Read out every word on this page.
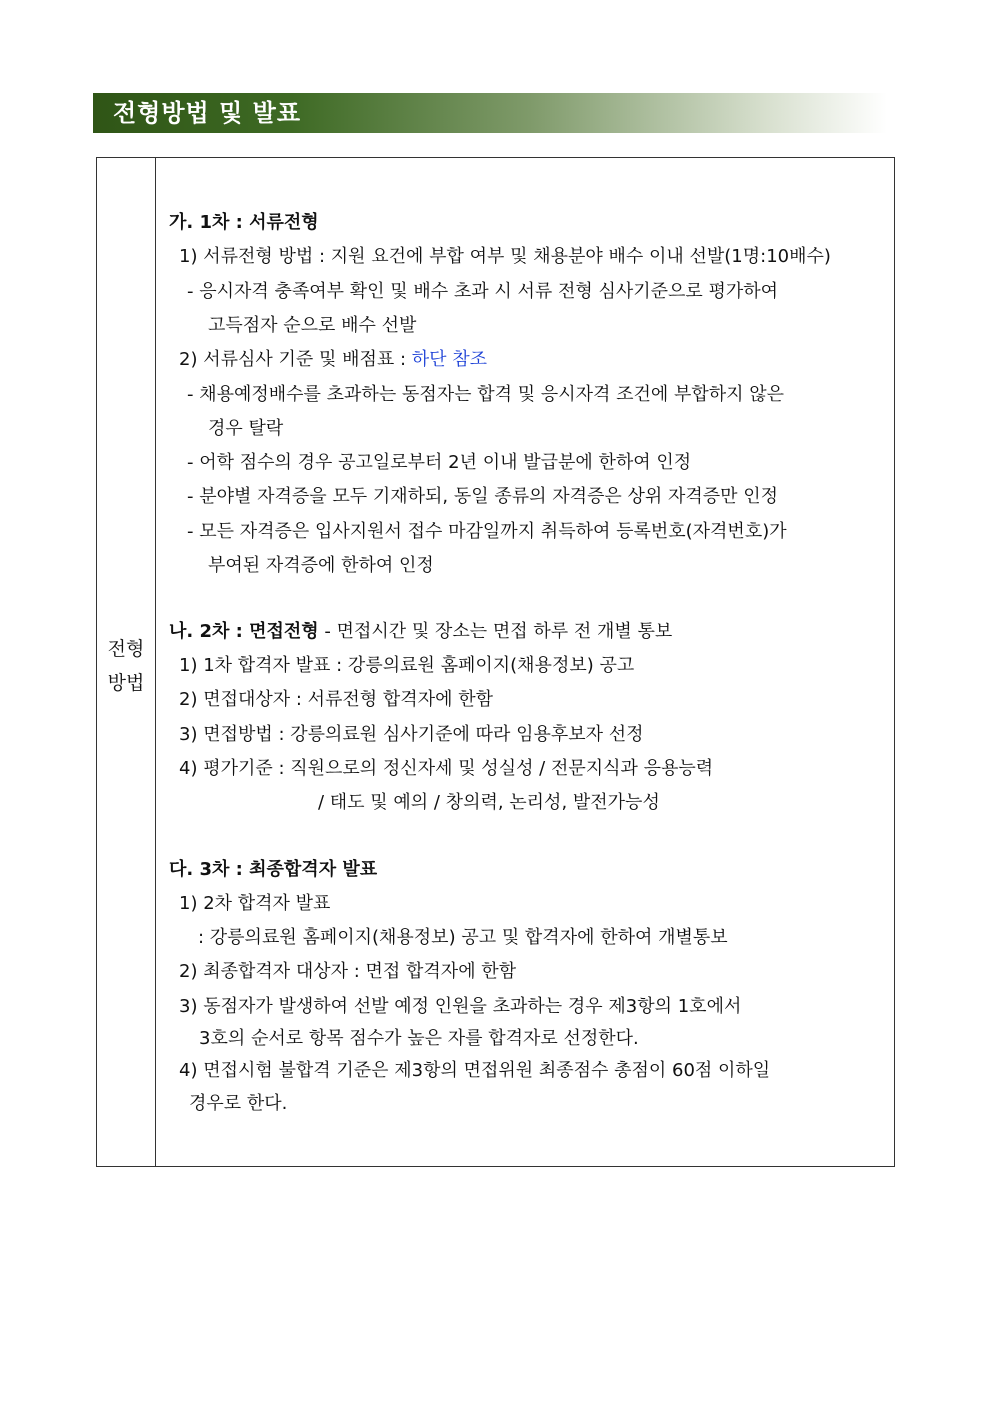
전형방법 및 발표
전형
방법
가. 1차 : 서류전형
1) 서류전형 방법 : 지원 요건에 부합 여부 및 채용분야 배수 이내 선발(1명:10배수)
- 응시자격 충족여부 확인 및 배수 초과 시 서류 전형 심사기준으로 평가하여
고득점자 순으로 배수 선발
2) 서류심사 기준 및 배점표 : 하단 참조
- 채용예정배수를 초과하는 동점자는 합격 및 응시자격 조건에 부합하지 않은
경우 탈락
- 어학 점수의 경우 공고일로부터 2년 이내 발급분에 한하여 인정
- 분야별 자격증을 모두 기재하되, 동일 종류의 자격증은 상위 자격증만 인정
- 모든 자격증은 입사지원서 접수 마감일까지 취득하여 등록번호(자격번호)가
부여된 자격증에 한하여 인정
나. 2차 : 면접전형 - 면접시간 및 장소는 면접 하루 전 개별 통보
1) 1차 합격자 발표 : 강릉의료원 홈페이지(채용정보) 공고
2) 면접대상자 : 서류전형 합격자에 한함
3) 면접방법 : 강릉의료원 심사기준에 따라 임용후보자 선정
4) 평가기준 : 직원으로의 정신자세 및 성실성 / 전문지식과 응용능력
/ 태도 및 예의 / 창의력, 논리성, 발전가능성
다. 3차 : 최종합격자 발표
1) 2차 합격자 발표
: 강릉의료원 홈페이지(채용정보) 공고 및 합격자에 한하여 개별통보
2) 최종합격자 대상자 : 면접 합격자에 한함
3) 동점자가 발생하여 선발 예정 인원을 초과하는 경우 제3항의 1호에서
3호의 순서로 항목 점수가 높은 자를 합격자로 선정한다.
4) 면접시험 불합격 기준은 제3항의 면접위원 최종점수 총점이 60점 이하일
경우로 한다.
